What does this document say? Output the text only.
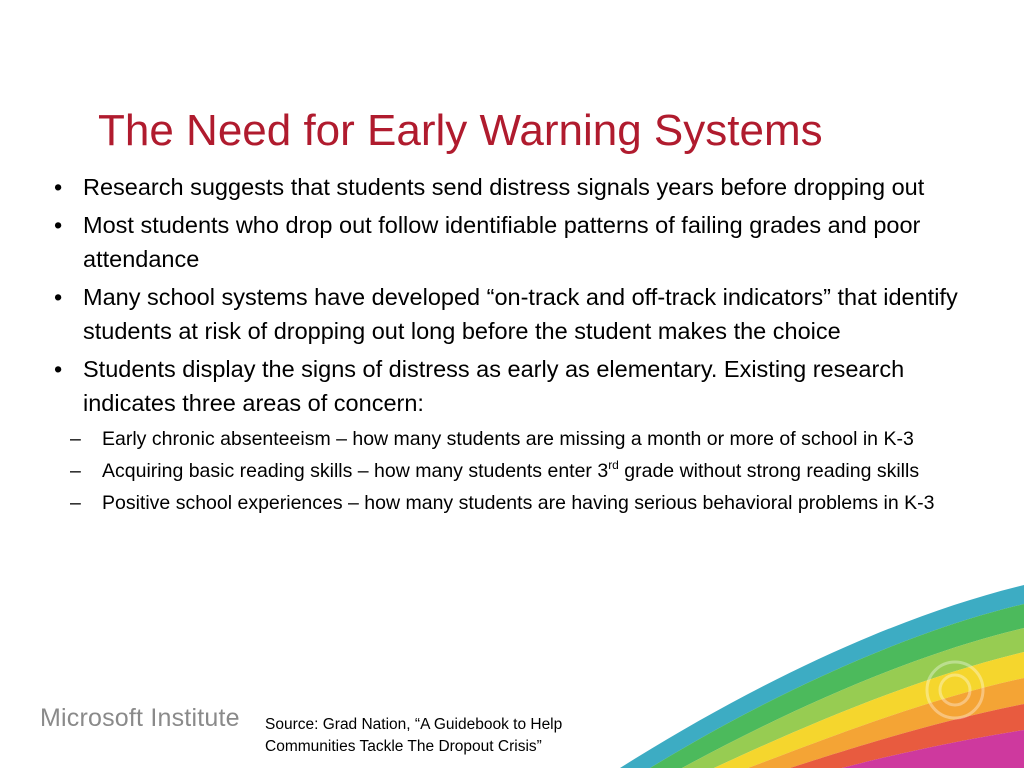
The Need for Early Warning Systems
• Research suggests that students send distress signals years before dropping out
• Most students who drop out follow identifiable patterns of failing grades and poor attendance
• Many school systems have developed “on-track and off-track indicators” that identify students at risk of dropping out long before the student makes the choice
• Students display the signs of distress as early as elementary. Existing research indicates three areas of concern:
– Early chronic absenteeism – how many students are missing a month or more of school in K-3
– Acquiring basic reading skills – how many students enter 3rd grade without strong reading skills
– Positive school experiences – how many students are having serious behavioral problems in K-3
Microsoft Institute Source: Grad Nation, “A Guidebook to Help
Communities Tackle The Dropout Crisis”
